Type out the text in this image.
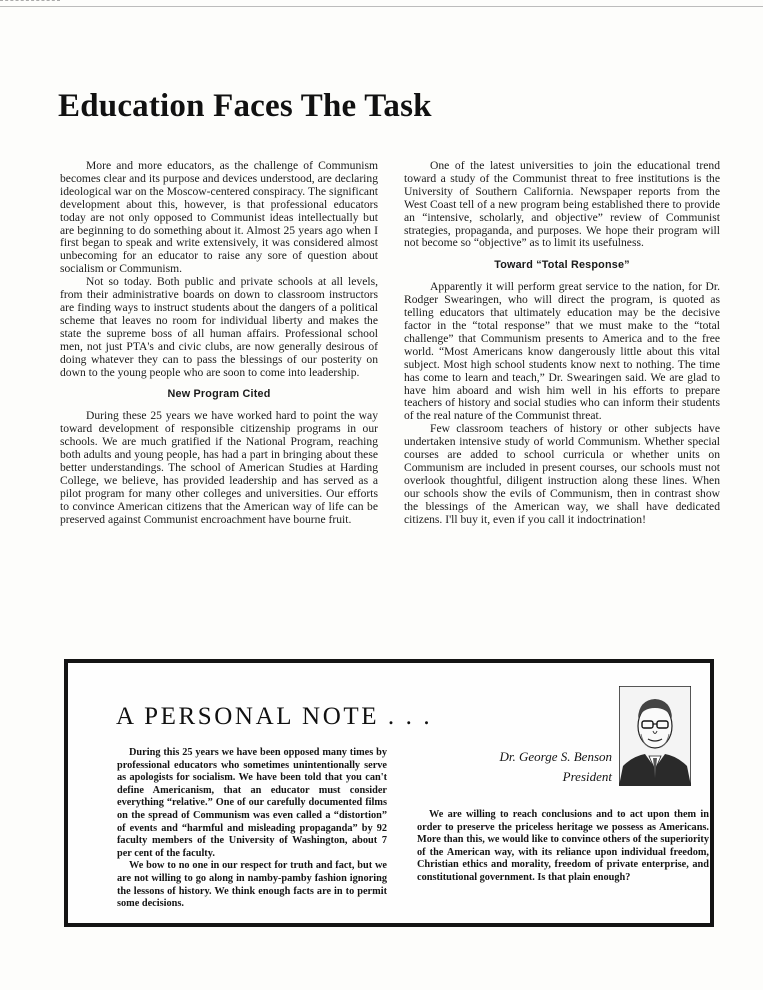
Education Faces The Task

More and more educators, as the challenge of Communism becomes clear and its purpose and devices understood, are declaring ideological war on the Moscow-centered conspiracy. The significant development about this, however, is that professional educators today are not only opposed to Communist ideas intellectually but are beginning to do something about it. Almost 25 years ago when I first began to speak and write extensively, it was considered almost unbecoming for an educator to raise any sore of question about socialism or Communism.

Not so today. Both public and private schools at all levels, from their administrative boards on down to classroom instructors are finding ways to instruct students about the dangers of a political scheme that leaves no room for individual liberty and makes the state the supreme boss of all human affairs. Professional school men, not just PTA's and civic clubs, are now generally desirous of doing whatever they can to pass the blessings of our posterity on down to the young people who are soon to come into leadership.

New Program Cited

During these 25 years we have worked hard to point the way toward development of responsible citizenship programs in our schools. We are much gratified if the National Program, reaching both adults and young people, has had a part in bringing about these better understandings. The school of American Studies at Harding College, we believe, has provided leadership and has served as a pilot program for many other colleges and universities. Our efforts to convince American citizens that the American way of life can be preserved against Communist encroachment have bourne fruit.

One of the latest universities to join the educational trend toward a study of the Communist threat to free institutions is the University of Southern California. Newspaper reports from the West Coast tell of a new program being established there to provide an “intensive, scholarly, and objective” review of Communist strategies, propaganda, and purposes. We hope their program will not become so “objective” as to limit its usefulness.

Toward “Total Response”

Apparently it will perform great service to the nation, for Dr. Rodger Swearingen, who will direct the program, is quoted as telling educators that ultimately education may be the decisive factor in the “total response” that we must make to the “total challenge” that Communism presents to America and to the free world. “Most Americans know dangerously little about this vital subject. Most high school students know next to nothing. The time has come to learn and teach,” Dr. Swearingen said. We are glad to have him aboard and wish him well in his efforts to prepare teachers of history and social studies who can inform their students of the real nature of the Communist threat.

Few classroom teachers of history or other subjects have undertaken intensive study of world Communism. Whether special courses are added to school curricula or whether units on Communism are included in present courses, our schools must not overlook thoughtful, diligent instruction along these lines. When our schools show the evils of Communism, then in contrast show the blessings of the American way, we shall have dedicated citizens. I'll buy it, even if you call it indoctrination!

A PERSONAL NOTE . . .

During this 25 years we have been opposed many times by professional educators who sometimes unintentionally serve as apologists for socialism. We have been told that you can't define Americanism, that an educator must consider everything “relative.” One of our carefully documented films on the spread of Communism was even called a “distortion” of events and “harmful and misleading propaganda” by 92 faculty members of the University of Washington, about 7 per cent of the faculty.

We bow to no one in our respect for truth and fact, but we are not willing to go along in namby-pamby fashion ignoring the lessons of history. We think enough facts are in to permit some decisions.

Dr. George S. Benson
President

We are willing to reach conclusions and to act upon them in order to preserve the priceless heritage we possess as Americans. More than this, we would like to convince others of the superiority of the American way, with its reliance upon individual freedom, Christian ethics and morality, freedom of private enterprise, and constitutional government. Is that plain enough?
